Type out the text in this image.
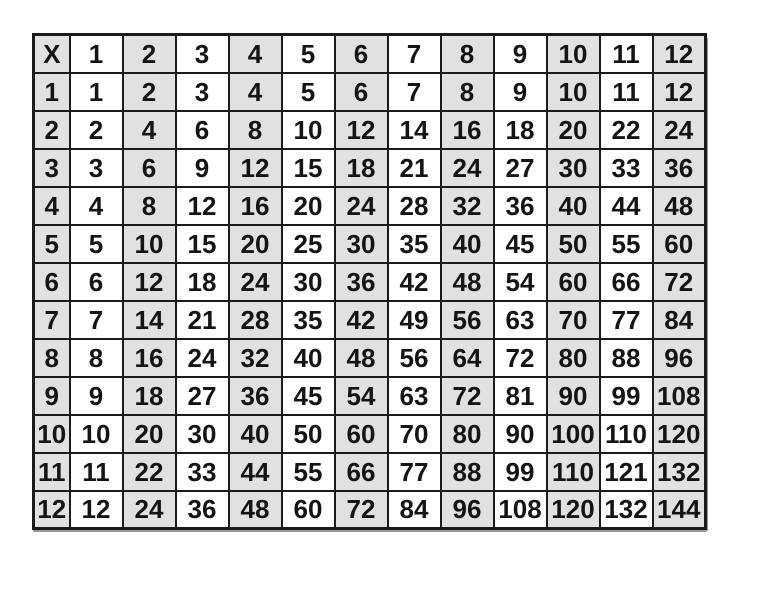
X	1	2	3	4	5	6	7	8	9	10	11	12
1	1	2	3	4	5	6	7	8	9	10	11	12
2	2	4	6	8	10	12	14	16	18	20	22	24
3	3	6	9	12	15	18	21	24	27	30	33	36
4	4	8	12	16	20	24	28	32	36	40	44	48
5	5	10	15	20	25	30	35	40	45	50	55	60
6	6	12	18	24	30	36	42	48	54	60	66	72
7	7	14	21	28	35	42	49	56	63	70	77	84
8	8	16	24	32	40	48	56	64	72	80	88	96
9	9	18	27	36	45	54	63	72	81	90	99	108
10	10	20	30	40	50	60	70	80	90	100	110	120
11	11	22	33	44	55	66	77	88	99	110	121	132
12	12	24	36	48	60	72	84	96	108	120	132	144
